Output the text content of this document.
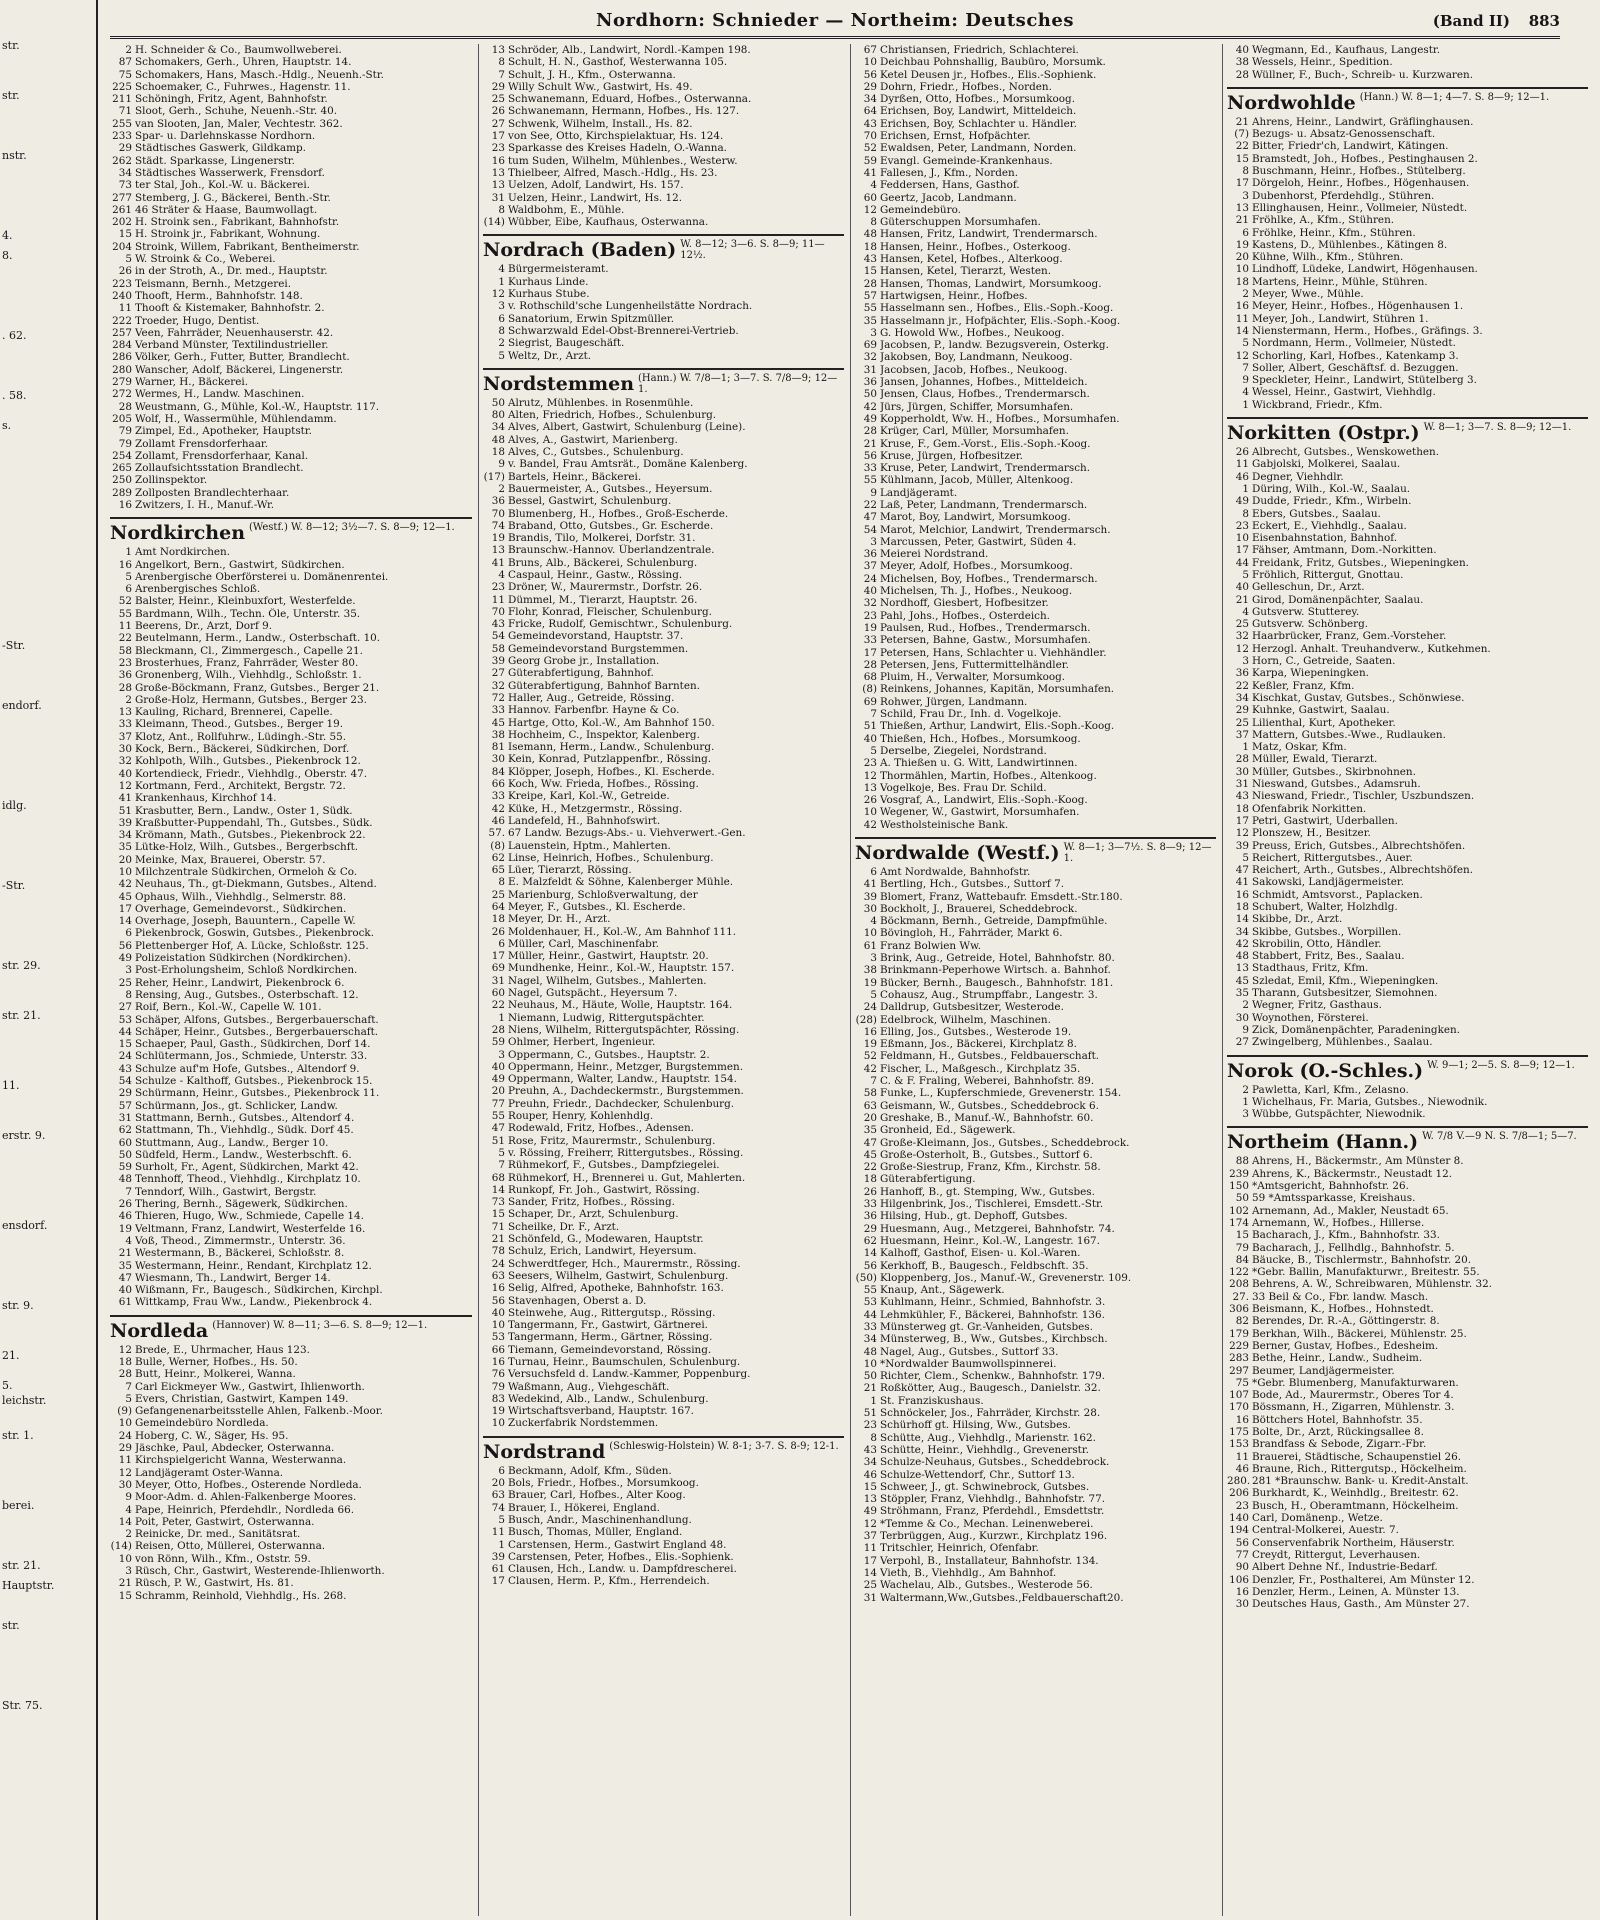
str.
str.
nstr.
4.
8.
. 62.
. 58.
s.
-Str.
endorf.
idlg.
-Str.
str. 29.
str. 21.
11.
erstr. 9.
ensdorf.
str. 9.
21.
5.
leichstr.
str. 1.
berei.
str. 21.
Hauptstr.
str.
Str. 75.
Nordhorn: Schnieder — Northeim: Deutsches	(Band II) 883
2 H. Schneider & Co., Baumwollweberei.
87 Schomakers, Gerh., Uhren, Hauptstr. 14.
75 Schomakers, Hans, Masch.-Hdlg., Neuenh.-Str.
225 Schoemaker, C., Fuhrwes., Hagenstr. 11.
211 Schöningh, Fritz, Agent, Bahnhofstr.
71 Sloot, Gerh., Schuhe, Neuenh.-Str. 40.
255 van Slooten, Jan, Maler, Vechtestr. 362.
233 Spar- u. Darlehnskasse Nordhorn.
29 Städtisches Gaswerk, Gildkamp.
262 Städt. Sparkasse, Lingenerstr.
34 Städtisches Wasserwerk, Frensdorf.
73 ter Stal, Joh., Kol.-W. u. Bäckerei.
277 Stemberg, J. G., Bäckerei, Benth.-Str.
261 46 Sträter & Haase, Baumwollagt.
202 H. Stroink sen., Fabrikant, Bahnhofstr.
15 H. Stroink jr., Fabrikant, Wohnung.
204 Stroink, Willem, Fabrikant, Bentheimerstr.
5 W. Stroink & Co., Weberei.
26 in der Stroth, A., Dr. med., Hauptstr.
223 Teismann, Bernh., Metzgerei.
240 Thooft, Herm., Bahnhofstr. 148.
11 Thooft & Kistemaker, Bahnhofstr. 2.
222 Troeder, Hugo, Dentist.
257 Veen, Fahrräder, Neuenhauserstr. 42.
284 Verband Münster, Textilindustrieller.
286 Völker, Gerh., Futter, Butter, Brandlecht.
280 Wanscher, Adolf, Bäckerei, Lingenerstr.
279 Warner, H., Bäckerei.
272 Wermes, H., Landw. Maschinen.
28 Weustmann, G., Mühle, Kol.-W., Hauptstr. 117.
205 Wolf, H., Wassermühle, Mühlendamm.
79 Zimpel, Ed., Apotheker, Hauptstr.
79 Zollamt Frensdorferhaar.
254 Zollamt, Frensdorferhaar, Kanal.
265 Zollaufsichtsstation Brandlecht.
250 Zollinspektor.
289 Zollposten Brandlechterhaar.
16 Zwitzers, I. H., Manuf.-Wr.
Nordkirchen (Westf.) W. 8—12; 3½—7. S. 8—9; 12—1.
1 Amt Nordkirchen.
16 Angelkort, Bern., Gastwirt, Südkirchen.
5 Arenbergische Oberförsterei u. Domänenrentei.
6 Arenbergisches Schloß.
52 Balster, Heinr., Kleinbuxfort, Westerfelde.
55 Bardmann, Wilh., Techn. Öle, Unterstr. 35.
11 Beerens, Dr., Arzt, Dorf 9.
22 Beutelmann, Herm., Landw., Osterbschaft. 10.
58 Bleckmann, Cl., Zimmergesch., Capelle 21.
23 Brosterhues, Franz, Fahrräder, Wester 80.
36 Gronenberg, Wilh., Viehhdlg., Schloßstr. 1.
28 Große-Böckmann, Franz, Gutsbes., Berger 21.
2 Große-Holz, Hermann, Gutsbes., Berger 23.
13 Kauling, Richard, Brennerei, Capelle.
33 Kleimann, Theod., Gutsbes., Berger 19.
37 Klotz, Ant., Rollfuhrw., Lüdingh.-Str. 55.
30 Kock, Bern., Bäckerei, Südkirchen, Dorf.
32 Kohlpoth, Wilh., Gutsbes., Piekenbrock 12.
40 Kortendieck, Friedr., Viehhdlg., Oberstr. 47.
12 Kortmann, Ferd., Architekt, Bergstr. 72.
41 Krankenhaus, Kirchhof 14.
51 Krasbutter, Bern., Landw., Oster 1, Südk.
39 Kraßbutter-Puppendahl, Th., Gutsbes., Südk.
34 Krömann, Math., Gutsbes., Piekenbrock 22.
35 Lütke-Holz, Wilh., Gutsbes., Bergerbschft.
20 Meinke, Max, Brauerei, Oberstr. 57.
10 Milchzentrale Südkirchen, Ormeloh & Co.
42 Neuhaus, Th., gt-Diekmann, Gutsbes., Altend.
45 Ophaus, Wilh., Viehhdlg., Selmerstr. 88.
17 Overhage, Gemeindevorst., Südkirchen.
14 Overhage, Joseph, Bauuntern., Capelle W.
6 Piekenbrock, Goswin, Gutsbes., Piekenbrock.
56 Plettenberger Hof, A. Lücke, Schloßstr. 125.
49 Polizeistation Südkirchen (Nordkirchen).
3 Post-Erholungsheim, Schloß Nordkirchen.
25 Reher, Heinr., Landwirt, Piekenbrock 6.
8 Rensing, Aug., Gutsbes., Osterbschaft. 12.
27 Roif, Bern., Kol.-W., Capelle W. 101.
53 Schäper, Alfons, Gutsbes., Bergerbauerschaft.
44 Schäper, Heinr., Gutsbes., Bergerbauerschaft.
15 Schaeper, Paul, Gasth., Südkirchen, Dorf 14.
24 Schlütermann, Jos., Schmiede, Unterstr. 33.
43 Schulze auf'm Hofe, Gutsbes., Altendorf 9.
54 Schulze - Kalthoff, Gutsbes., Piekenbrock 15.
29 Schürmann, Heinr., Gutsbes., Piekenbrock 11.
57 Schürmann, Jos., gt. Schlicker, Landw.
31 Stattmann, Bernh., Gutsbes., Altendorf 4.
62 Stattmann, Th., Viehhdlg., Südk. Dorf 45.
60 Stuttmann, Aug., Landw., Berger 10.
50 Südfeld, Herm., Landw., Westerbschft. 6.
59 Surholt, Fr., Agent, Südkirchen, Markt 42.
48 Tennhoff, Theod., Viehhdlg., Kirchplatz 10.
7 Tenndorf, Wilh., Gastwirt, Bergstr.
26 Thering, Bernh., Sägewerk, Südkirchen.
46 Thieren, Hugo, Ww., Schmiede, Capelle 14.
19 Veltmann, Franz, Landwirt, Westerfelde 16.
4 Voß, Theod., Zimmermstr., Unterstr. 36.
21 Westermann, B., Bäckerei, Schloßstr. 8.
35 Westermann, Heinr., Rendant, Kirchplatz 12.
47 Wiesmann, Th., Landwirt, Berger 14.
40 Wißmann, Fr., Baugesch., Südkirchen, Kirchpl.
61 Wittkamp, Frau Ww., Landw., Piekenbrock 4.
Nordleda (Hannover) W. 8—11; 3—6. S. 8—9; 12—1.
12 Brede, E., Uhrmacher, Haus 123.
18 Bulle, Werner, Hofbes., Hs. 50.
28 Butt, Heinr., Molkerei, Wanna.
7 Carl Eickmeyer Ww., Gastwirt, Ihlienworth.
5 Evers, Christian, Gastwirt, Kampen 149.
(9) Gefangenenarbeitsstelle Ahlen, Falkenb.-Moor.
10 Gemeindebüro Nordleda.
24 Hoberg, C. W., Säger, Hs. 95.
29 Jäschke, Paul, Abdecker, Osterwanna.
11 Kirchspielgericht Wanna, Westerwanna.
12 Landjägeramt Oster-Wanna.
30 Meyer, Otto, Hofbes., Osterende Nordleda.
9 Moor-Adm. d. Ahlen-Falkenberge Moores.
4 Pape, Heinrich, Pferdehdlr., Nordleda 66.
14 Poit, Peter, Gastwirt, Osterwanna.
2 Reinicke, Dr. med., Sanitätsrat.
(14) Reisen, Otto, Müllerei, Osterwanna.
10 von Rönn, Wilh., Kfm., Oststr. 59.
3 Rüsch, Chr., Gastwirt, Westerende-Ihlienworth.
21 Rüsch, P. W., Gastwirt, Hs. 81.
15 Schramm, Reinhold, Viehhdlg., Hs. 268.
13 Schröder, Alb., Landwirt, Nordl.-Kampen 198.
8 Schult, H. N., Gasthof, Westerwanna 105.
7 Schult, J. H., Kfm., Osterwanna.
29 Willy Schult Ww., Gastwirt, Hs. 49.
25 Schwanemann, Eduard, Hofbes., Osterwanna.
26 Schwanemann, Hermann, Hofbes., Hs. 127.
27 Schwenk, Wilhelm, Install., Hs. 82.
17 von See, Otto, Kirchspielaktuar, Hs. 124.
23 Sparkasse des Kreises Hadeln, O.-Wanna.
16 tum Suden, Wilhelm, Mühlenbes., Westerw.
13 Thielbeer, Alfred, Masch.-Hdlg., Hs. 23.
13 Uelzen, Adolf, Landwirt, Hs. 157.
31 Uelzen, Heinr., Landwirt, Hs. 12.
8 Waldbohm, E., Mühle.
(14) Wübber, Eibe, Kaufhaus, Osterwanna.
Nordrach (Baden) W. 8—12; 3—6. S. 8—9; 11—12½.
4 Bürgermeisteramt.
1 Kurhaus Linde.
12 Kurhaus Stube.
3 v. Rothschild'sche Lungenheilstätte Nordrach.
6 Sanatorium, Erwin Spitzmüller.
8 Schwarzwald Edel-Obst-Brennerei-Vertrieb.
2 Siegrist, Baugeschäft.
5 Weltz, Dr., Arzt.
Nordstemmen (Hann.) W. 7/8—1; 3—7. S. 7/8—9; 12—1.
50 Alrutz, Mühlenbes. in Rosenmühle.
80 Alten, Friedrich, Hofbes., Schulenburg.
34 Alves, Albert, Gastwirt, Schulenburg (Leine).
48 Alves, A., Gastwirt, Marienberg.
18 Alves, C., Gutsbes., Schulenburg.
9 v. Bandel, Frau Amtsrät., Domäne Kalenberg.
(17) Bartels, Heinr., Bäckerei.
2 Bauermeister, A., Gutsbes., Heyersum.
36 Bessel, Gastwirt, Schulenburg.
70 Blumenberg, H., Hofbes., Groß-Escherde.
74 Braband, Otto, Gutsbes., Gr. Escherde.
19 Brandis, Tilo, Molkerei, Dorfstr. 31.
13 Braunschw.-Hannov. Überlandzentrale.
41 Bruns, Alb., Bäckerei, Schulenburg.
4 Caspaul, Heinr., Gastw., Rössing.
23 Dröner, W., Maurermstr., Dorfstr. 26.
11 Dümmel, M., Tierarzt, Hauptstr. 26.
70 Flohr, Konrad, Fleischer, Schulenburg.
43 Fricke, Rudolf, Gemischtwr., Schulenburg.
54 Gemeindevorstand, Hauptstr. 37.
58 Gemeindevorstand Burgstemmen.
39 Georg Grobe jr., Installation.
27 Güterabfertigung, Bahnhof.
32 Güterabfertigung, Bahnhof Barnten.
72 Haller, Aug., Getreide, Rössing.
33 Hannov. Farbenfbr. Hayne & Co.
45 Hartge, Otto, Kol.-W., Am Bahnhof 150.
38 Hochheim, C., Inspektor, Kalenberg.
81 Isemann, Herm., Landw., Schulenburg.
30 Kein, Konrad, Putzlappenfbr., Rössing.
84 Klöpper, Joseph, Hofbes., Kl. Escherde.
66 Koch, Ww. Frieda, Hofbes., Rössing.
33 Kreipe, Karl, Kol.-W., Getreide.
42 Küke, H., Metzgermstr., Rössing.
46 Landefeld, H., Bahnhofswirt.
57. 67 Landw. Bezugs-Abs.- u. Viehverwert.-Gen.
(8) Lauenstein, Hptm., Mahlerten.
62 Linse, Heinrich, Hofbes., Schulenburg.
65 Lüer, Tierarzt, Rössing.
8 E. Malzfeldt & Söhne, Kalenberger Mühle.
25 Marienburg, Schloßverwaltung, der
64 Meyer, F., Gutsbes., Kl. Escherde.
18 Meyer, Dr. H., Arzt.
26 Moldenhauer, H., Kol.-W., Am Bahnhof 111.
6 Müller, Carl, Maschinenfabr.
17 Müller, Heinr., Gastwirt, Hauptstr. 20.
69 Mundhenke, Heinr., Kol.-W., Hauptstr. 157.
31 Nagel, Wilhelm, Gutsbes., Mahlerten.
60 Nagel, Gutspächt., Heyersum 7.
22 Neuhaus, M., Häute, Wolle, Hauptstr. 164.
1 Niemann, Ludwig, Rittergutspächter.
28 Niens, Wilhelm, Rittergutspächter, Rössing.
59 Ohlmer, Herbert, Ingenieur.
3 Oppermann, C., Gutsbes., Hauptstr. 2.
40 Oppermann, Heinr., Metzger, Burgstemmen.
49 Oppermann, Walter, Landw., Hauptstr. 154.
20 Preuhn, A., Dachdeckermstr., Burgstemmen.
77 Preuhn, Friedr., Dachdecker, Schulenburg.
55 Rouper, Henry, Kohlenhdlg.
47 Rodewald, Fritz, Hofbes., Adensen.
51 Rose, Fritz, Maurermstr., Schulenburg.
5 v. Rössing, Freiherr, Rittergutsbes., Rössing.
7 Rühmekorf, F., Gutsbes., Dampfziegelei.
68 Rühmekorf, H., Brennerei u. Gut, Mahlerten.
14 Runkopf, Fr. Joh., Gastwirt, Rössing.
73 Sander, Fritz, Hofbes., Rössing.
15 Schaper, Dr., Arzt, Schulenburg.
71 Scheilke, Dr. F., Arzt.
21 Schönfeld, G., Modewaren, Hauptstr.
78 Schulz, Erich, Landwirt, Heyersum.
24 Schwerdtfeger, Hch., Maurermstr., Rössing.
63 Seesers, Wilhelm, Gastwirt, Schulenburg.
16 Selig, Alfred, Apotheke, Bahnhofstr. 163.
56 Stavenhagen, Oberst a. D.
40 Steinwehe, Aug., Rittergutsp., Rössing.
10 Tangermann, Fr., Gastwirt, Gärtnerei.
53 Tangermann, Herm., Gärtner, Rössing.
66 Tiemann, Gemeindevorstand, Rössing.
16 Turnau, Heinr., Baumschulen, Schulenburg.
76 Versuchsfeld d. Landw.-Kammer, Poppenburg.
79 Waßmann, Aug., Viehgeschäft.
83 Wedekind, Alb., Landw., Schulenburg.
19 Wirtschaftsverband, Hauptstr. 167.
10 Zuckerfabrik Nordstemmen.
Nordstrand (Schleswig-Holstein) W. 8-1; 3-7. S. 8-9; 12-1.
6 Beckmann, Adolf, Kfm., Süden.
20 Bols, Friedr., Hofbes., Morsumkoog.
63 Brauer, Carl, Hofbes., Alter Koog.
74 Brauer, I., Hökerei, England.
5 Busch, Andr., Maschinenhandlung.
11 Busch, Thomas, Müller, England.
1 Carstensen, Herm., Gastwirt England 48.
39 Carstensen, Peter, Hofbes., Elis.-Sophienk.
61 Clausen, Hch., Landw. u. Dampfdrescherei.
17 Clausen, Herm. P., Kfm., Herrendeich.
67 Christiansen, Friedrich, Schlachterei.
10 Deichbau Pohnshallig, Baubüro, Morsumk.
56 Ketel Deusen jr., Hofbes., Elis.-Sophienk.
29 Dohrn, Friedr., Hofbes., Norden.
34 Dyrßen, Otto, Hofbes., Morsumkoog.
64 Erichsen, Boy, Landwirt, Mitteldeich.
43 Erichsen, Boy, Schlachter u. Händler.
70 Erichsen, Ernst, Hofpächter.
52 Ewaldsen, Peter, Landmann, Norden.
59 Evangl. Gemeinde-Krankenhaus.
41 Fallesen, J., Kfm., Norden.
4 Feddersen, Hans, Gasthof.
60 Geertz, Jacob, Landmann.
12 Gemeindebüro.
8 Güterschuppen Morsumhafen.
48 Hansen, Fritz, Landwirt, Trendermarsch.
18 Hansen, Heinr., Hofbes., Osterkoog.
43 Hansen, Ketel, Hofbes., Alterkoog.
15 Hansen, Ketel, Tierarzt, Westen.
28 Hansen, Thomas, Landwirt, Morsumkoog.
57 Hartwigsen, Heinr., Hofbes.
55 Hasselmann sen., Hofbes., Elis.-Soph.-Koog.
35 Hasselmann jr., Hofpächter, Elis.-Soph.-Koog.
3 G. Howold Ww., Hofbes., Neukoog.
69 Jacobsen, P., landw. Bezugsverein, Osterkg.
32 Jakobsen, Boy, Landmann, Neukoog.
31 Jacobsen, Jacob, Hofbes., Neukoog.
36 Jansen, Johannes, Hofbes., Mitteldeich.
50 Jensen, Claus, Hofbes., Trendermarsch.
42 Jürs, Jürgen, Schiffer, Morsumhafen.
49 Kopperholdt, Ww. H., Hofbes., Morsumhafen.
28 Krüger, Carl, Müller, Morsumhafen.
21 Kruse, F., Gem.-Vorst., Elis.-Soph.-Koog.
56 Kruse, Jürgen, Hofbesitzer.
33 Kruse, Peter, Landwirt, Trendermarsch.
55 Kühlmann, Jacob, Müller, Altenkoog.
9 Landjägeramt.
22 Laß, Peter, Landmann, Trendermarsch.
47 Marot, Boy, Landwirt, Morsumkoog.
54 Marot, Melchior, Landwirt, Trendermarsch.
3 Marcussen, Peter, Gastwirt, Süden 4.
36 Meierei Nordstrand.
37 Meyer, Adolf, Hofbes., Morsumkoog.
24 Michelsen, Boy, Hofbes., Trendermarsch.
40 Michelsen, Th. J., Hofbes., Neukoog.
32 Nordhoff, Giesbert, Hofbesitzer.
23 Pahl, Johs., Hofbes., Osterdeich.
19 Paulsen, Rud., Hofbes., Trendermarsch.
33 Petersen, Bahne, Gastw., Morsumhafen.
17 Petersen, Hans, Schlachter u. Viehhändler.
28 Petersen, Jens, Futtermittelhändler.
68 Pluim, H., Verwalter, Morsumkoog.
(8) Reinkens, Johannes, Kapitän, Morsumhafen.
69 Rohwer, Jürgen, Landmann.
7 Schild, Frau Dr., Inh. d. Vogelkoje.
51 Thießen, Arthur, Landwirt, Elis.-Soph.-Koog.
40 Thießen, Hch., Hofbes., Morsumkoog.
5 Derselbe, Ziegelei, Nordstrand.
23 A. Thießen u. G. Witt, Landwirtinnen.
12 Thormählen, Martin, Hofbes., Altenkoog.
13 Vogelkoje, Bes. Frau Dr. Schild.
26 Vosgraf, A., Landwirt, Elis.-Soph.-Koog.
10 Wegener, W., Gastwirt, Morsumhafen.
42 Westholsteinische Bank.
Nordwalde (Westf.) W. 8—1; 3—7½. S. 8—9; 12—1.
6 Amt Nordwalde, Bahnhofstr.
41 Bertling, Hch., Gutsbes., Suttorf 7.
39 Blomert, Franz, Wattebaufr. Emsdett.-Str.180.
30 Bockholt, J., Brauerei, Scheddebrock.
4 Böckmann, Bernh., Getreide, Dampfmühle.
10 Bövingloh, H., Fahrräder, Markt 6.
61 Franz Bolwien Ww.
3 Brink, Aug., Getreide, Hotel, Bahnhofstr. 80.
38 Brinkmann-Peperhowe Wirtsch. a. Bahnhof.
19 Bücker, Bernh., Baugesch., Bahnhofstr. 181.
5 Cohausz, Aug., Strumpffabr., Langestr. 3.
24 Dalldrup, Gutsbesitzer, Westerode.
(28) Edelbrock, Wilhelm, Maschinen.
16 Elling, Jos., Gutsbes., Westerode 19.
19 Eßmann, Jos., Bäckerei, Kirchplatz 8.
52 Feldmann, H., Gutsbes., Feldbauerschaft.
42 Fischer, L., Maßgesch., Kirchplatz 35.
7 C. & F. Fraling, Weberei, Bahnhofstr. 89.
58 Funke, L., Kupferschmiede, Grevenerstr. 154.
63 Geismann, W., Gutsbes., Scheddebrock 6.
20 Greshake, B., Manuf.-W., Bahnhofstr. 60.
35 Gronheid, Ed., Sägewerk.
47 Große-Kleimann, Jos., Gutsbes., Scheddebrock.
45 Große-Osterholt, B., Gutsbes., Suttorf 6.
22 Große-Siestrup, Franz, Kfm., Kirchstr. 58.
18 Güterabfertigung.
26 Hanhoff, B., gt. Stemping, Ww., Gutsbes.
33 Hilgenbrink, Jos., Tischlerei, Emsdett.-Str.
36 Hilsing, Hub., gt. Dephoff, Gutsbes.
29 Huesmann, Aug., Metzgerei, Bahnhofstr. 74.
62 Huesmann, Heinr., Kol.-W., Langestr. 167.
14 Kalhoff, Gasthof, Eisen- u. Kol.-Waren.
56 Kerkhoff, B., Baugesch., Feldbschft. 35.
(50) Kloppenberg, Jos., Manuf.-W., Grevenerstr. 109.
55 Knaup, Ant., Sägewerk.
53 Kuhlmann, Heinr., Schmied, Bahnhofstr. 3.
44 Lehmkühler, F., Bäckerei, Bahnhofstr. 136.
33 Münsterweg gt. Gr.-Vanheiden, Gutsbes.
34 Münsterweg, B., Ww., Gutsbes., Kirchbsch.
48 Nagel, Aug., Gutsbes., Suttorf 33.
10 *Nordwalder Baumwollspinnerei.
50 Richter, Clem., Schenkw., Bahnhofstr. 179.
21 Roßkötter, Aug., Baugesch., Danielstr. 32.
1 St. Franziskushaus.
51 Schnöckeler, Jos., Fahrräder, Kirchstr. 28.
23 Schürhoff gt. Hilsing, Ww., Gutsbes.
8 Schütte, Aug., Viehhdlg., Marienstr. 162.
43 Schütte, Heinr., Viehhdlg., Grevenerstr.
34 Schulze-Neuhaus, Gutsbes., Scheddebrock.
46 Schulze-Wettendorf, Chr., Suttorf 13.
15 Schweer, J., gt. Schwinebrock, Gutsbes.
13 Stöppler, Franz, Viehhdlg., Bahnhofstr. 77.
49 Ströhmann, Franz, Pferdehdl., Emsdettstr.
12 *Temme & Co., Mechan. Leinenweberei.
37 Terbrüggen, Aug., Kurzwr., Kirchplatz 196.
11 Tritschler, Heinrich, Ofenfabr.
17 Verpohl, B., Installateur, Bahnhofstr. 134.
14 Vieth, B., Viehhdlg., Am Bahnhof.
25 Wachelau, Alb., Gutsbes., Westerode 56.
31 Waltermann,Ww.,Gutsbes.,Feldbauerschaft20.
40 Wegmann, Ed., Kaufhaus, Langestr.
38 Wessels, Heinr., Spedition.
28 Wüllner, F., Buch-, Schreib- u. Kurzwaren.
Nordwohlde (Hann.) W. 8—1; 4—7. S. 8—9; 12—1.
21 Ahrens, Heinr., Landwirt, Gräflinghausen.
(7) Bezugs- u. Absatz-Genossenschaft.
22 Bitter, Friedr'ch, Landwirt, Kätingen.
15 Bramstedt, Joh., Hofbes., Pestinghausen 2.
8 Buschmann, Heinr., Hofbes., Stütelberg.
17 Dörgeloh, Heinr., Hofbes., Högenhausen.
3 Dubenhorst, Pferdehdlg., Stühren.
13 Ellinghausen, Heinr., Vollmeier, Nüstedt.
21 Fröhlke, A., Kfm., Stühren.
6 Fröhlke, Heinr., Kfm., Stühren.
19 Kastens, D., Mühlenbes., Kätingen 8.
20 Kühne, Wilh., Kfm., Stühren.
10 Lindhoff, Lüdeke, Landwirt, Högenhausen.
18 Martens, Heinr., Mühle, Stühren.
2 Meyer, Wwe., Mühle.
16 Meyer, Heinr., Hofbes., Högenhausen 1.
11 Meyer, Joh., Landwirt, Stühren 1.
14 Nienstermann, Herm., Hofbes., Gräfings. 3.
5 Nordmann, Herm., Vollmeier, Nüstedt.
12 Schorling, Karl, Hofbes., Katenkamp 3.
7 Soller, Albert, Geschäftsf. d. Bezuggen.
9 Speckleter, Heinr., Landwirt, Stütelberg 3.
4 Wessel, Heinr., Gastwirt, Viehhdlg.
1 Wickbrand, Friedr., Kfm.
Norkitten (Ostpr.) W. 8—1; 3—7. S. 8—9; 12—1.
26 Albrecht, Gutsbes., Wenskowethen.
11 Gabjolski, Molkerei, Saalau.
46 Degner, Viehhdlr.
1 Düring, Wilh., Kol.-W., Saalau.
49 Dudde, Friedr., Kfm., Wirbeln.
8 Ebers, Gutsbes., Saalau.
23 Eckert, E., Viehhdlg., Saalau.
10 Eisenbahnstation, Bahnhof.
17 Fähser, Amtmann, Dom.-Norkitten.
44 Freidank, Fritz, Gutsbes., Wiepeningken.
5 Fröhlich, Rittergut, Gnottau.
40 Gelleschun, Dr., Arzt.
21 Girod, Domänenpächter, Saalau.
4 Gutsverw. Stutterey.
25 Gutsverw. Schönberg.
32 Haarbrücker, Franz, Gem.-Vorsteher.
12 Herzogl. Anhalt. Treuhandverw., Kutkehmen.
3 Horn, C., Getreide, Saaten.
36 Karpa, Wiepeningken.
22 Keßler, Franz, Kfm.
34 Kischkat, Gustav, Gutsbes., Schönwiese.
29 Kuhnke, Gastwirt, Saalau.
25 Lilienthal, Kurt, Apotheker.
37 Mattern, Gutsbes.-Wwe., Rudlauken.
1 Matz, Oskar, Kfm.
28 Müller, Ewald, Tierarzt.
30 Müller, Gutsbes., Skirbnohnen.
31 Nieswand, Gutsbes., Adamsruh.
43 Nieswand, Friedr., Tischler, Uszbundszen.
18 Ofenfabrik Norkitten.
17 Petri, Gastwirt, Uderballen.
12 Plonszew, H., Besitzer.
39 Preuss, Erich, Gutsbes., Albrechtshöfen.
5 Reichert, Rittergutsbes., Auer.
47 Reichert, Arth., Gutsbes., Albrechtshöfen.
41 Sakowski, Landjägermeister.
16 Schmidt, Amtsvorst., Paplacken.
18 Schubert, Walter, Holzhdlg.
14 Skibbe, Dr., Arzt.
34 Skibbe, Gutsbes., Worpillen.
42 Skrobilin, Otto, Händler.
48 Stabbert, Fritz, Bes., Saalau.
13 Stadthaus, Fritz, Kfm.
45 Szledat, Emil, Kfm., Wiepeningken.
35 Tharann, Gutsbesitzer, Siemohnen.
2 Wegner, Fritz, Gasthaus.
30 Woynothen, Försterei.
9 Zick, Domänenpächter, Paradeningken.
27 Zwingelberg, Mühlenbes., Saalau.
Norok (O.-Schles.) W. 9—1; 2—5. S. 8—9; 12—1.
2 Pawletta, Karl, Kfm., Zelasno.
1 Wichelhaus, Fr. Maria, Gutsbes., Niewodnik.
3 Wübbe, Gutspächter, Niewodnik.
Northeim (Hann.) W. 7/8 V.—9 N. S. 7/8—1; 5—7.
88 Ahrens, H., Bäckermstr., Am Münster 8.
239 Ahrens, K., Bäckermstr., Neustadt 12.
150 *Amtsgericht, Bahnhofstr. 26.
50 59 *Amtssparkasse, Kreishaus.
102 Arnemann, Ad., Makler, Neustadt 65.
174 Arnemann, W., Hofbes., Hillerse.
15 Bacharach, J., Kfm., Bahnhofstr. 33.
79 Bacharach, J., Fellhdlg., Bahnhofstr. 5.
84 Bäucke, B., Tischlermstr., Bahnhofstr. 20.
122 *Gebr. Ballin, Manufakturwr., Breitestr. 55.
208 Behrens, A. W., Schreibwaren, Mühlenstr. 32.
27. 33 Beil & Co., Fbr. landw. Masch.
306 Beismann, K., Hofbes., Hohnstedt.
82 Berendes, Dr. R.-A., Göttingerstr. 8.
179 Berkhan, Wilh., Bäckerei, Mühlenstr. 25.
229 Berner, Gustav, Hofbes., Edesheim.
283 Bethe, Heinr., Landw., Sudheim.
297 Beumer, Landjägermeister.
75 *Gebr. Blumenberg, Manufakturwaren.
107 Bode, Ad., Maurermstr., Oberes Tor 4.
170 Bössmann, H., Zigarren, Mühlenstr. 3.
16 Böttchers Hotel, Bahnhofstr. 35.
175 Bolte, Dr., Arzt, Rückingsallee 8.
153 Brandfass & Sebode, Zigarr.-Fbr.
11 Brauerei, Städtische, Schaupenstiel 26.
46 Braune, Rich., Rittergutsp., Höckelheim.
280. 281 *Braunschw. Bank- u. Kredit-Anstalt.
206 Burkhardt, K., Weinhdlg., Breitestr. 62.
23 Busch, H., Oberamtmann, Höckelheim.
140 Carl, Domänenp., Wetze.
194 Central-Molkerei, Auestr. 7.
56 Conservenfabrik Northeim, Häuserstr.
77 Creydt, Rittergut, Leverhausen.
90 Albert Dehne Nf., Industrie-Bedarf.
106 Denzler, Fr., Posthalterei, Am Münster 12.
16 Denzler, Herm., Leinen, A. Münster 13.
30 Deutsches Haus, Gasth., Am Münster 27.
